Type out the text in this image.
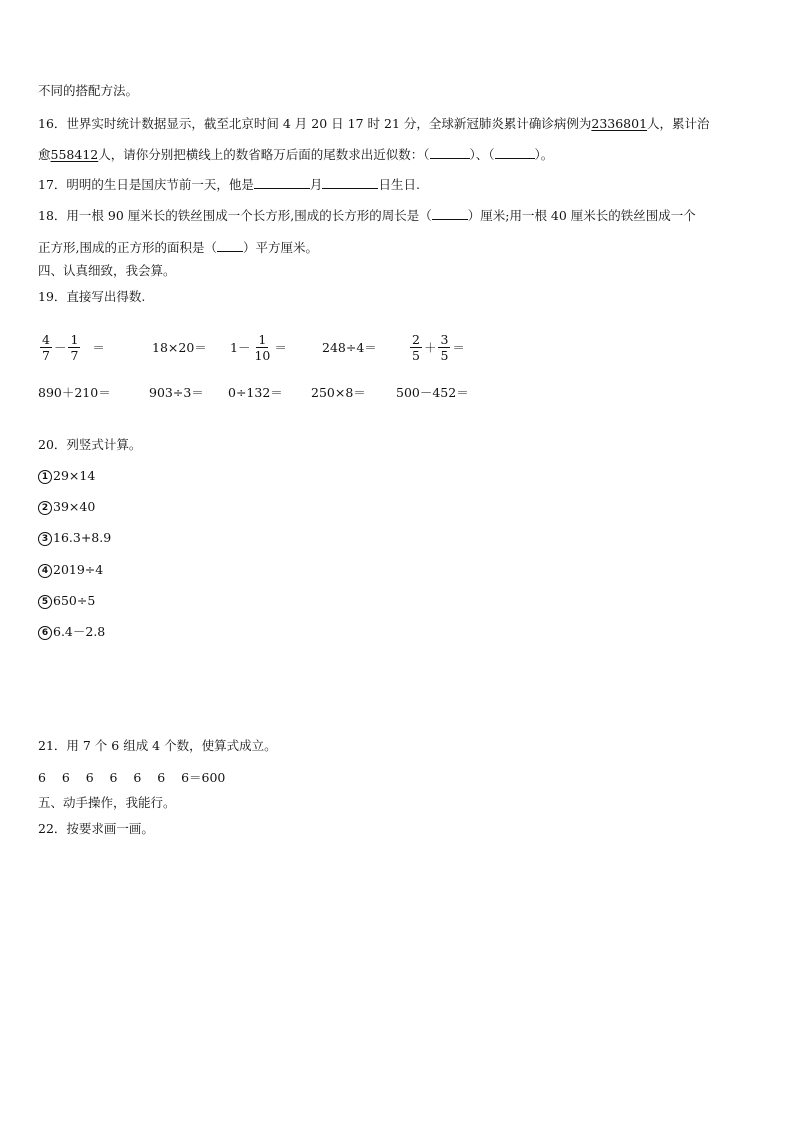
不同的搭配方法。
16．世界实时统计数据显示，截至北京时间 4 月 20 日 17 时 21 分，全球新冠肺炎累计确诊病例为2336801人，累计治
愈558412人，请你分别把横线上的数省略万后面的尾数求出近似数：（	）、（	）。
17．明明的生日是国庆节前一天，他是	月	日生日.
18．用一根 90 厘米长的铁丝围成一个长方形,围成的长方形的周长是（	）厘米;用一根 40 厘米长的铁丝围成一个
正方形,围成的正方形的面积是（ ）平方厘米。
四、认真细致，我会算。
19．直接写出得数.
$\frac{4}{7} - \frac{1}{7}$ ＝	$18\times 20= 1- \frac{1}{10}$ ＝	248÷4＝	$\frac{2}{5} + \frac{3}{5}$ ＝
890＋210＝	903÷3＝ 0÷132＝ 250×8＝ 500－452＝
20．列竖式计算。
1 29×14
2 39×40
3 16.3+8.9
4 2019÷4
5 650÷5
6 6.4－2.8
21．用 7 个 6 组成 4 个数，使算式成立。
6    6    6    6    6    6    6＝600
五、动手操作，我能行。
22．按要求画一画。
